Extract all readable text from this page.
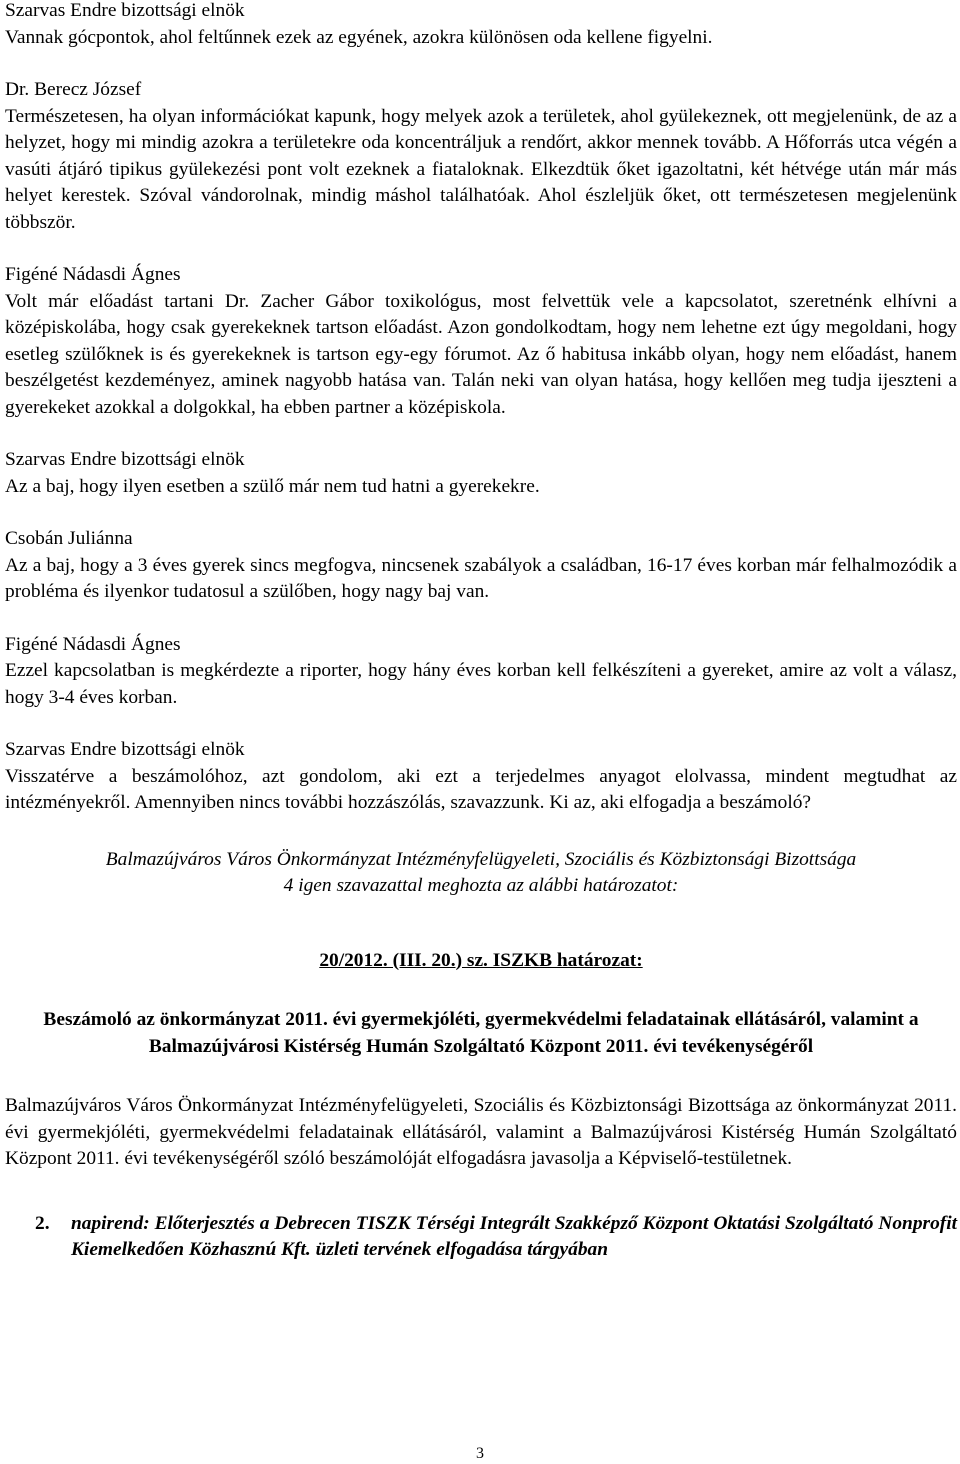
Szarvas Endre bizottsági elnök
Vannak gócpontok, ahol feltűnnek ezek az egyének, azokra különösen oda kellene figyelni.
Dr. Berecz József
Természetesen, ha olyan információkat kapunk, hogy melyek azok a területek, ahol gyülekeznek, ott megjelenünk, de az a helyzet, hogy mi mindig azokra a területekre oda koncentráljuk a rendőrt, akkor mennek tovább. A Hőforrás utca végén a vasúti átjáró tipikus gyülekezési pont volt ezeknek a fiataloknak. Elkezdtük őket igazoltatni, két hétvége után már más helyet kerestek. Szóval vándorolnak, mindig máshol találhatóak. Ahol észleljük őket, ott természetesen megjelenünk többször.
Figéné Nádasdi Ágnes
Volt már előadást tartani Dr. Zacher Gábor toxikológus, most felvettük vele a kapcsolatot, szeretnénk elhívni a középiskolába, hogy csak gyerekeknek tartson előadást. Azon gondolkodtam, hogy nem lehetne ezt úgy megoldani, hogy esetleg szülőknek is és gyerekeknek is tartson egy-egy fórumot. Az ő habitusa inkább olyan, hogy nem előadást, hanem beszélgetést kezdeményez, aminek nagyobb hatása van. Talán neki van olyan hatása, hogy kellően meg tudja ijeszteni a gyerekeket azokkal a dolgokkal, ha ebben partner a középiskola.
Szarvas Endre bizottsági elnök
Az a baj, hogy ilyen esetben a szülő már nem tud hatni a gyerekekre.
Csobán Juliánna
Az a baj, hogy a 3 éves gyerek sincs megfogva, nincsenek szabályok a családban, 16-17 éves korban már felhalmozódik a probléma és ilyenkor tudatosul a szülőben, hogy nagy baj van.
Figéné Nádasdi Ágnes
Ezzel kapcsolatban is megkérdezte a riporter, hogy hány éves korban kell felkészíteni a gyereket, amire az volt a válasz, hogy 3-4 éves korban.
Szarvas Endre bizottsági elnök
Visszatérve a beszámolóhoz, azt gondolom, aki ezt a terjedelmes anyagot elolvassa, mindent megtudhat az intézményekről. Amennyiben nincs további hozzászólás, szavazzunk. Ki az, aki elfogadja a beszámoló?
Balmazújváros Város Önkormányzat Intézményfelügyeleti, Szociális és Közbiztonsági Bizottsága
4 igen szavazattal meghozta az alábbi határozatot:
20/2012. (III. 20.) sz. ISZKB határozat:
Beszámoló az önkormányzat 2011. évi gyermekjóléti, gyermekvédelmi feladatainak ellátásáról, valamint a Balmazújvárosi Kistérség Humán Szolgáltató Központ 2011. évi tevékenységéről
Balmazújváros Város Önkormányzat Intézményfelügyeleti, Szociális és Közbiztonsági Bizottsága az önkormányzat 2011. évi gyermekjóléti, gyermekvédelmi feladatainak ellátásáról, valamint a Balmazújvárosi Kistérség Humán Szolgáltató Központ 2011. évi tevékenységéről szóló beszámolóját elfogadásra javasolja a Képviselő-testületnek.
2.	napirend: Előterjesztés a Debrecen TISZK Térségi Integrált Szakképző Központ Oktatási Szolgáltató Nonprofit Kiemelkedően Közhasznú Kft. üzleti tervének elfogadása tárgyában
3
